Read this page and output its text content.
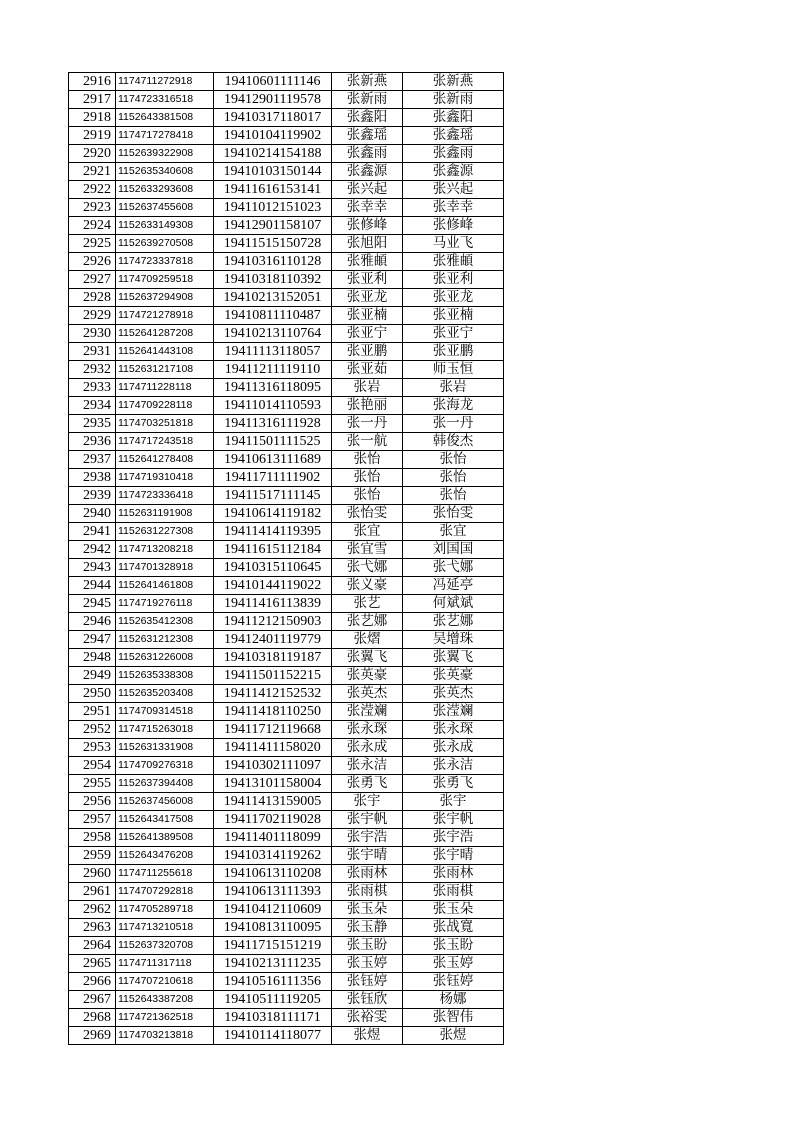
2916	1174711272918	19410601111146	张新燕	张新燕
2917	1174723316518	19412901119578	张新雨	张新雨
2918	1152643381508	19410317118017	张鑫阳	张鑫阳
2919	1174717278418	19410104119902	张鑫瑶	张鑫瑶
2920	1152639322908	19410214154188	张鑫雨	张鑫雨
2921	1152635340608	19410103150144	张鑫源	张鑫源
2922	1152633293608	19411616153141	张兴起	张兴起
2923	1152637455608	19411012151023	张幸幸	张幸幸
2924	1152633149308	19412901158107	张修峰	张修峰
2925	1152639270508	19411515150728	张旭阳	马业飞
2926	1174723337818	19410316110128	张雅頔	张雅頔
2927	1174709259518	19410318110392	张亚利	张亚利
2928	1152637294908	19410213152051	张亚龙	张亚龙
2929	1174721278918	19410811110487	张亚楠	张亚楠
2930	1152641287208	19410213110764	张亚宁	张亚宁
2931	1152641443108	19411113118057	张亚鹏	张亚鹏
2932	1152631217108	19411211119110	张亚茹	师玉恒
2933	1174711228118	19411316118095	张岩	张岩
2934	1174709228118	19411014110593	张艳丽	张海龙
2935	1174703251818	19411316111928	张一丹	张一丹
2936	1174717243518	19411501111525	张一航	韩俊杰
2937	1152641278408	19410613111689	张怡	张怡
2938	1174719310418	19411711111902	张怡	张怡
2939	1174723336418	19411517111145	张怡	张怡
2940	1152631191908	19410614119182	张怡雯	张怡雯
2941	1152631227308	19411414119395	张宜	张宜
2942	1174713208218	19411615112184	张宜雪	刘国国
2943	1174701328918	19410315110645	张弋娜	张弋娜
2944	1152641461808	19410144119022	张义豪	冯延亭
2945	1174719276118	19411416113839	张艺	何斌斌
2946	1152635412308	19411212150903	张艺娜	张艺娜
2947	1152631212308	19412401119779	张熠	吴增珠
2948	1152631226008	19410318119187	张翼飞	张翼飞
2949	1152635338308	19411501152215	张英豪	张英豪
2950	1152635203408	19411412152532	张英杰	张英杰
2951	1174709314518	19411418110250	张滢斓	张滢斓
2952	1174715263018	19411712119668	张永琛	张永琛
2953	1152631331908	19411411158020	张永成	张永成
2954	1174709276318	19410302111097	张永洁	张永洁
2955	1152637394408	19413101158004	张勇飞	张勇飞
2956	1152637456008	19411413159005	张宇	张宇
2957	1152643417508	19411702119028	张宇帆	张宇帆
2958	1152641389508	19411401118099	张宇浩	张宇浩
2959	1152643476208	19410314119262	张宇晴	张宇晴
2960	1174711255618	19410613110208	张雨林	张雨林
2961	1174707292818	19410613111393	张雨棋	张雨棋
2962	1174705289718	19410412110609	张玉朵	张玉朵
2963	1174713210518	19410813110095	张玉静	张战寬
2964	1152637320708	19411715151219	张玉盼	张玉盼
2965	1174711317118	19410213111235	张玉婷	张玉婷
2966	1174707210618	19410516111356	张钰婷	张钰婷
2967	1152643387208	19410511119205	张钰欣	杨娜
2968	1174721362518	19410318111171	张裕雯	张智伟
2969	1174703213818	19410114118077	张煜	张煜
